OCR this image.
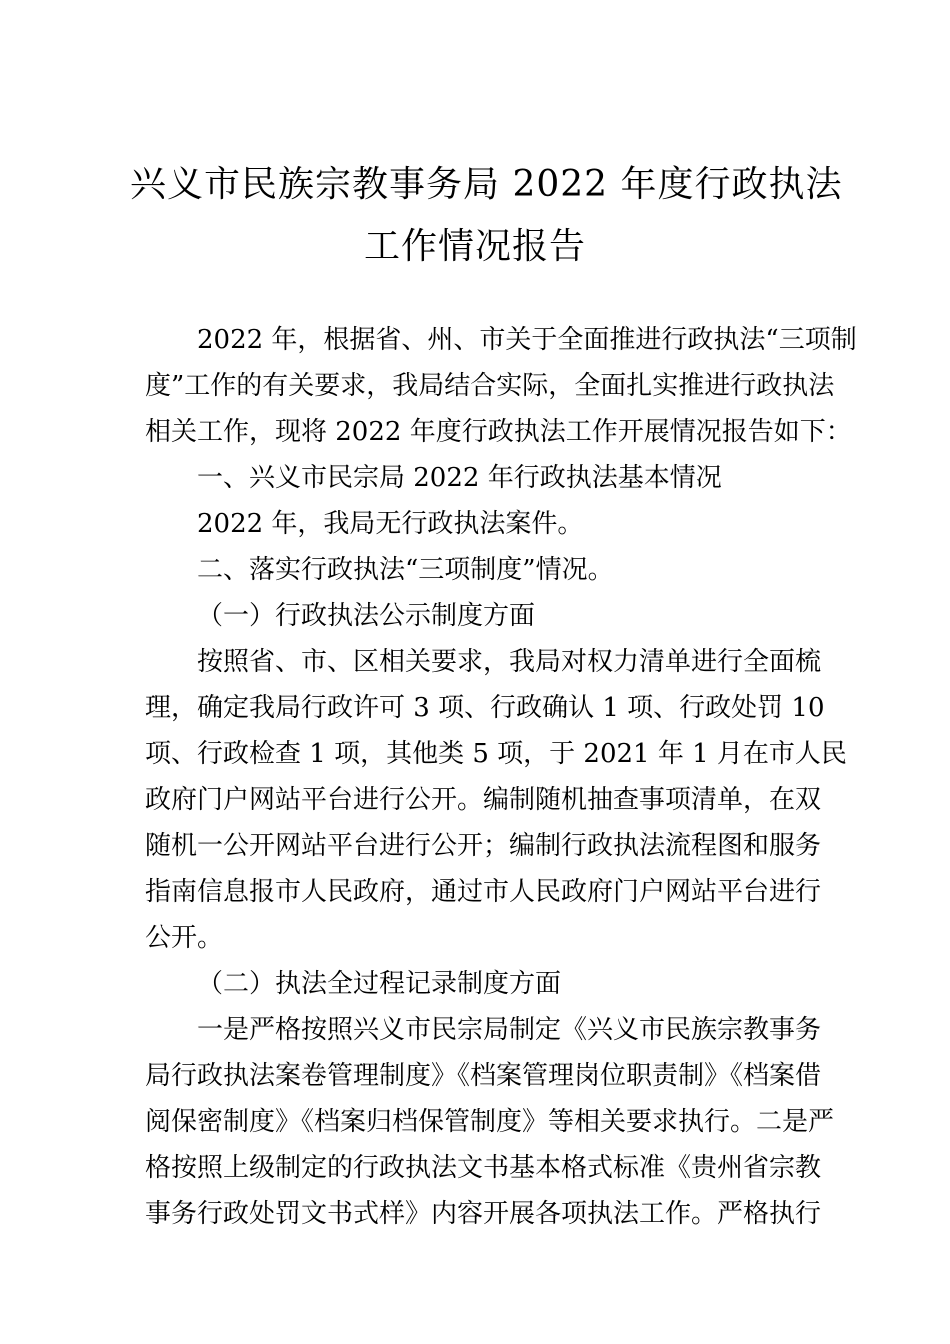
兴义市民族宗教事务局 2022 年度行政执法
工作情况报告
2022 年，根据省、州、市关于全面推进行政执法“三项制
度”工作的有关要求，我局结合实际，全面扎实推进行政执法
相关工作，现将 2022 年度行政执法工作开展情况报告如下：
一、兴义市民宗局 2022 年行政执法基本情况
2022 年，我局无行政执法案件。
二、落实行政执法“三项制度”情况。
（一）行政执法公示制度方面
按照省、市、区相关要求，我局对权力清单进行全面梳
理，确定我局行政许可 3 项、行政确认 1 项、行政处罚 10
项、行政检查 1 项，其他类 5 项，于 2021 年 1 月在市人民
政府门户网站平台进行公开。编制随机抽查事项清单，在双
随机一公开网站平台进行公开；编制行政执法流程图和服务
指南信息报市人民政府，通过市人民政府门户网站平台进行
公开。
（二）执法全过程记录制度方面
一是严格按照兴义市民宗局制定《兴义市民族宗教事务
局行政执法案卷管理制度》《档案管理岗位职责制》《档案借
阅保密制度》《档案归档保管制度》等相关要求执行。二是严
格按照上级制定的行政执法文书基本格式标准《贵州省宗教
事务行政处罚文书式样》内容开展各项执法工作。严格执行
